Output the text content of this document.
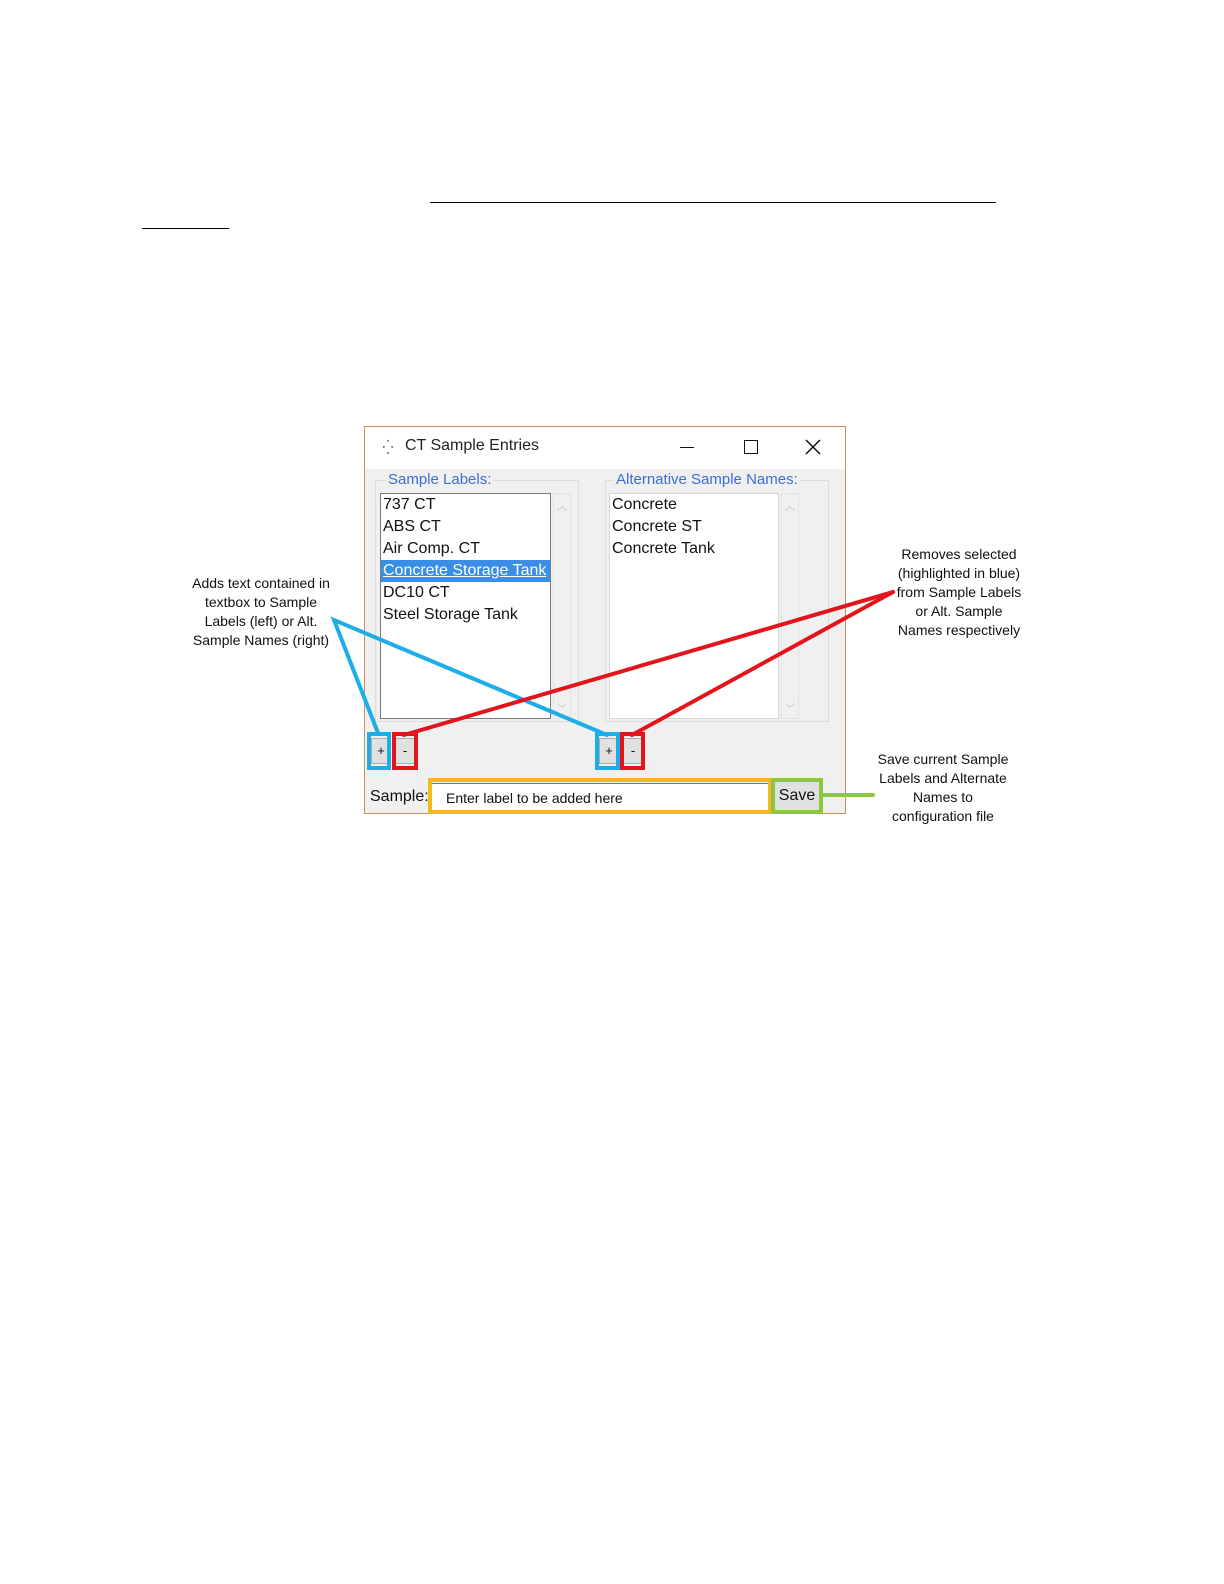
⁛ CT Sample Entries
Sample Labels:
737 CT
ABS CT
Air Comp. CT
Concrete Storage Tank
DC10 CT
Steel Storage Tank
︿
﹀
Alternative Sample Names:
Concrete
Concrete ST
Concrete Tank
︿
﹀
+	-	+	-
Sample:
Enter label to be added here	Save
Adds text contained in textbox to Sample Labels (left) or Alt. Sample Names (right)
Removes selected (highlighted in blue) from Sample Labels or Alt. Sample Names respectively
Save current Sample Labels and Alternate Names to configuration file
